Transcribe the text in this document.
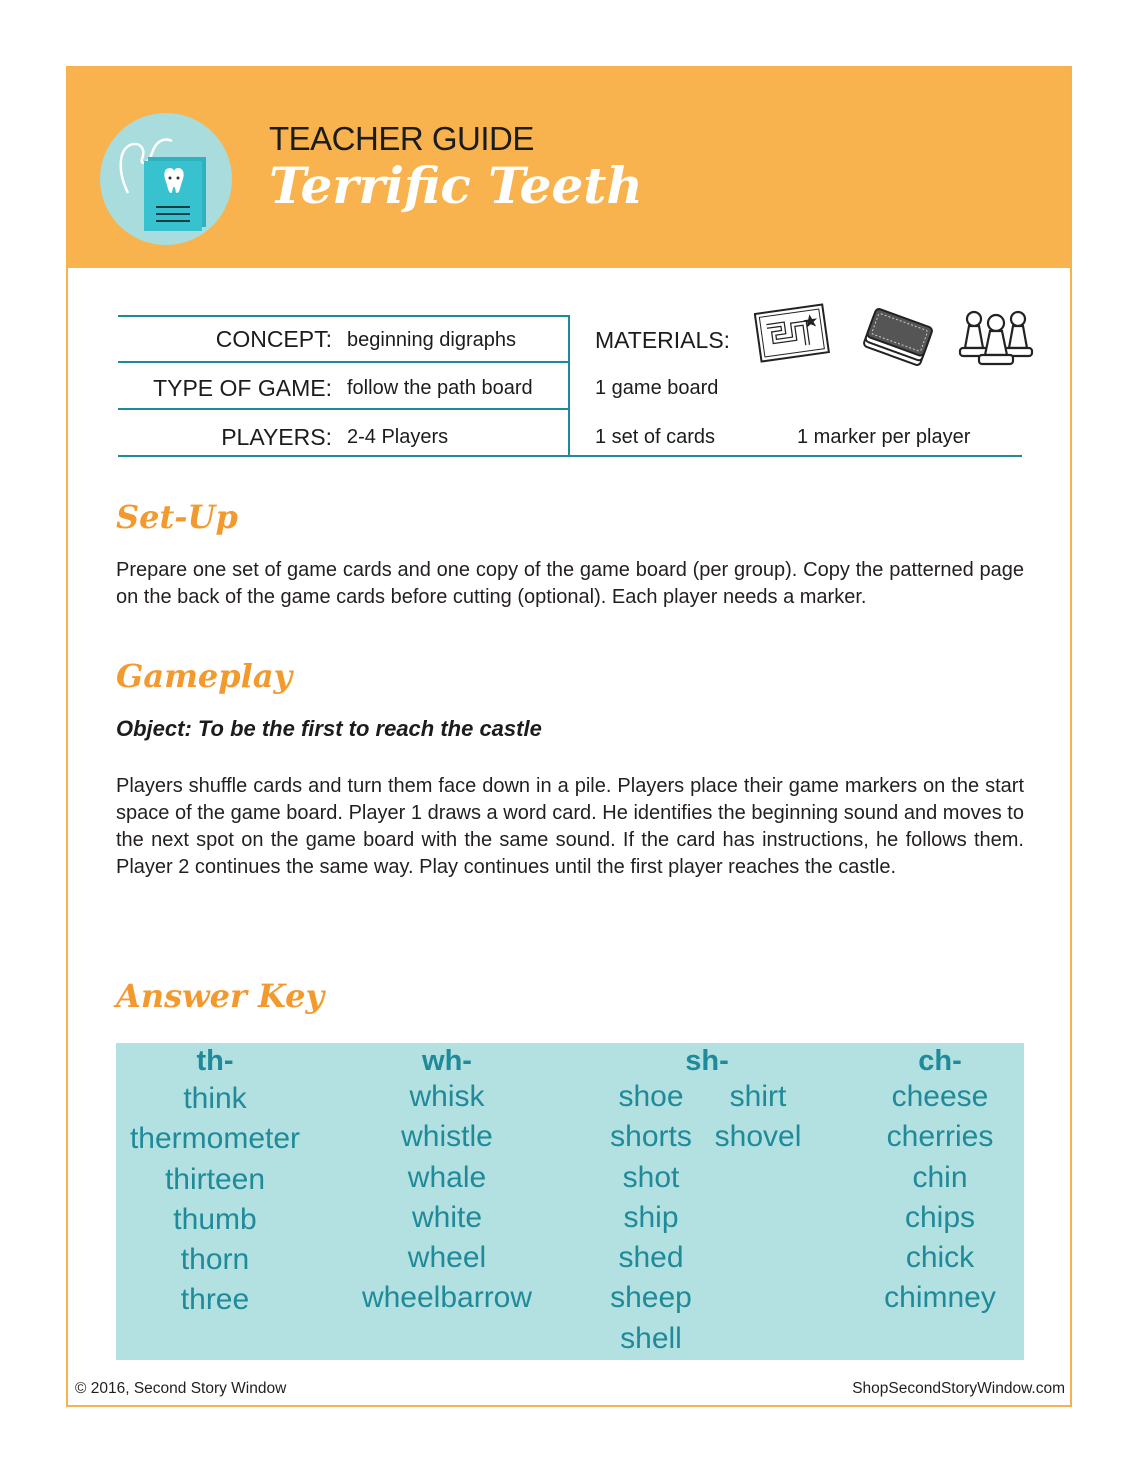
TEACHER GUIDE
Terrific Teeth
CONCEPT: beginning digraphs
TYPE OF GAME: follow the path board
PLAYERS: 2-4 Players
MATERIALS:
1 game board
1 set of cards	1 marker per player
Set-Up
Prepare one set of game cards and one copy of the game board (per group). Copy the patterned page on the back of the game cards before cutting (optional). Each player needs a marker.
Gameplay
Object: To be the first to reach the castle
Players shuffle cards and turn them face down in a pile. Players place their game markers on the start space of the game board. Player 1 draws a word card. He identifies the beginning sound and moves to the next spot on the game board with the same sound. If the card has instructions, he follows them. Player 2 continues the same way. Play continues until the first player reaches the castle.
Answer Key
th-
think
thermometer
thirteen
thumb
thorn
three
wh-
whisk
whistle
whale
white
wheel
wheelbarrow
sh-
shoe
shorts
shot
ship
shed
sheep
shell
shirt
shovel
ch-
cheese
cherries
chin
chips
chick
chimney
© 2016, Second Story Window	ShopSecondStoryWindow.com
